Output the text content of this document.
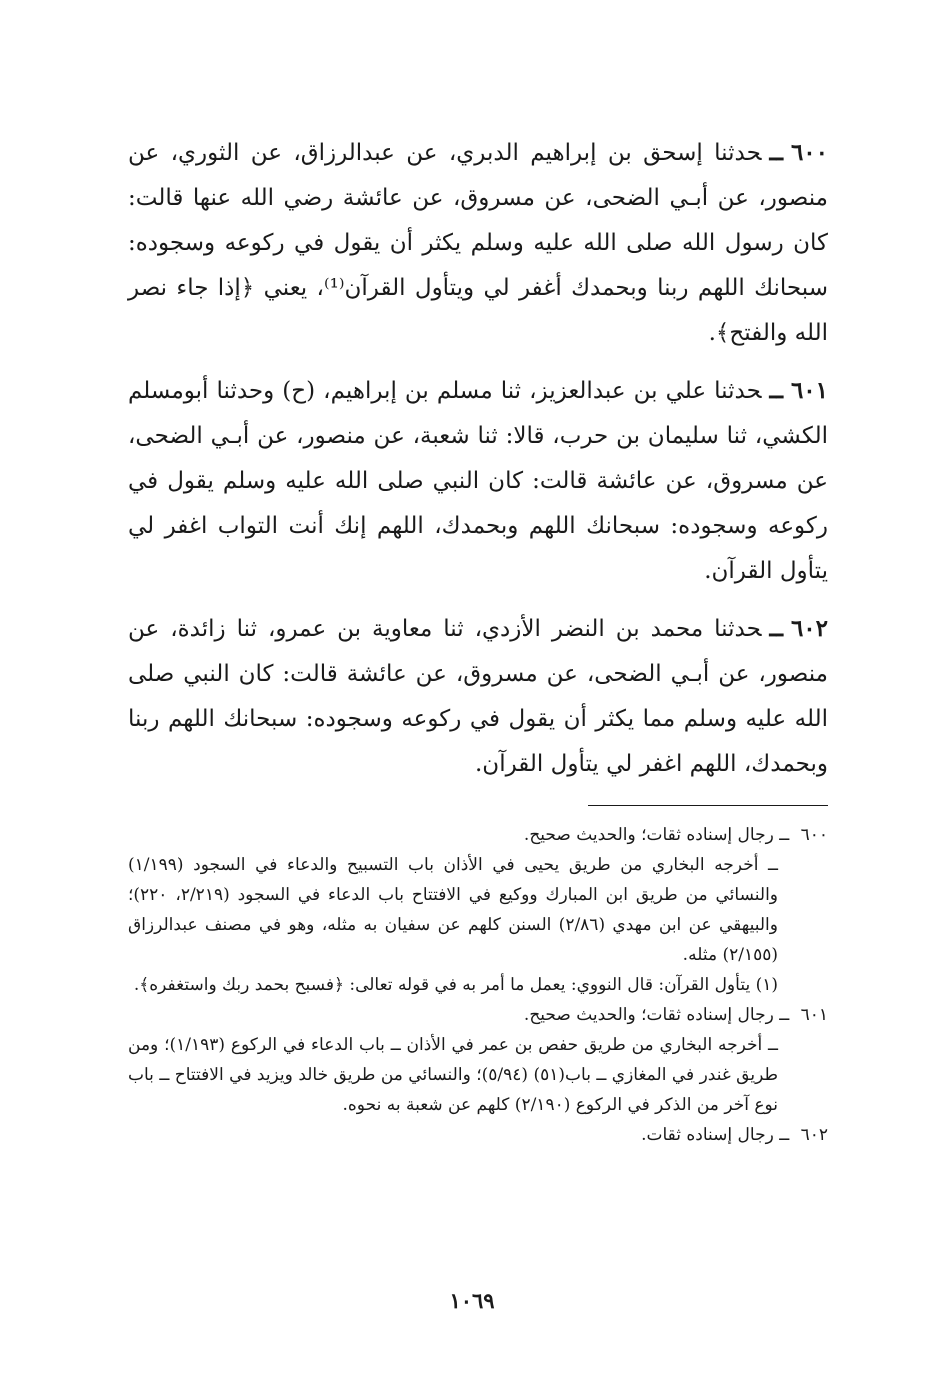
٦٠٠ــحدثنا إسحق بن إبراهيم الدبري، عن عبدالرزاق، عن الثوري، عن منصور، عن أبـي الضحى، عن مسروق، عن عائشة رضي الله عنها قالت: كان رسول الله صلى الله عليه وسلم يكثر أن يقول في ركوعه وسجوده: سبحانك اللهم ربنا وبحمدك أغفر لي ويتأول القرآن⁽¹⁾، يعني ﴿إذا جاء نصر الله والفتح﴾.

٦٠١ــحدثنا علي بن عبدالعزيز، ثنا مسلم بن إبراهيم، (ح) وحدثنا أبومسلم الكشي، ثنا سليمان بن حرب، قالا: ثنا شعبة، عن منصور، عن أبـي الضحى، عن مسروق، عن عائشة قالت: كان النبي صلى الله عليه وسلم يقول في ركوعه وسجوده: سبحانك اللهم وبحمدك، اللهم إنك أنت التواب اغفر لي يتأول القرآن.

٦٠٢ــحدثنا محمد بن النضر الأزدي، ثنا معاوية بن عمرو، ثنا زائدة، عن منصور، عن أبـي الضحى، عن مسروق، عن عائشة قالت: كان النبي صلى الله عليه وسلم مما يكثر أن يقول في ركوعه وسجوده: سبحانك اللهم ربنا وبحمدك، اللهم اغفر لي يتأول القرآن.

٦٠٠ ــ رجال إسناده ثقات؛ والحديث صحيح.

ــ أخرجه البخاري من طريق يحيى في الأذان باب التسبيح والدعاء في السجود (١/١٩٩) والنسائي من طريق ابن المبارك ووكيع في الافتتاح باب الدعاء في السجود (٢/٢١٩، ٢٢٠)؛ والبيهقي عن ابن مهدي (٢/٨٦) السنن كلهم عن سفيان به مثله، وهو في مصنف عبدالرزاق (٢/١٥٥) مثله.

(١) يتأول القرآن: قال النووي: يعمل ما أمر به في قوله تعالى: ﴿فسبح بحمد ربك واستغفره﴾.

٦٠١ ــ رجال إسناده ثقات؛ والحديث صحيح.

ــ أخرجه البخاري من طريق حفص بن عمر في الأذان ــ باب الدعاء في الركوع (١/١٩٣)؛ ومن طريق غندر في المغازي ــ باب(٥١) (٥/٩٤)؛ والنسائي من طريق خالد ويزيد في الافتتاح ــ باب نوع آخر من الذكر في الركوع (٢/١٩٠) كلهم عن شعبة به نحوه.

٦٠٢ ــ رجال إسناده ثقات.

١٠٦٩
